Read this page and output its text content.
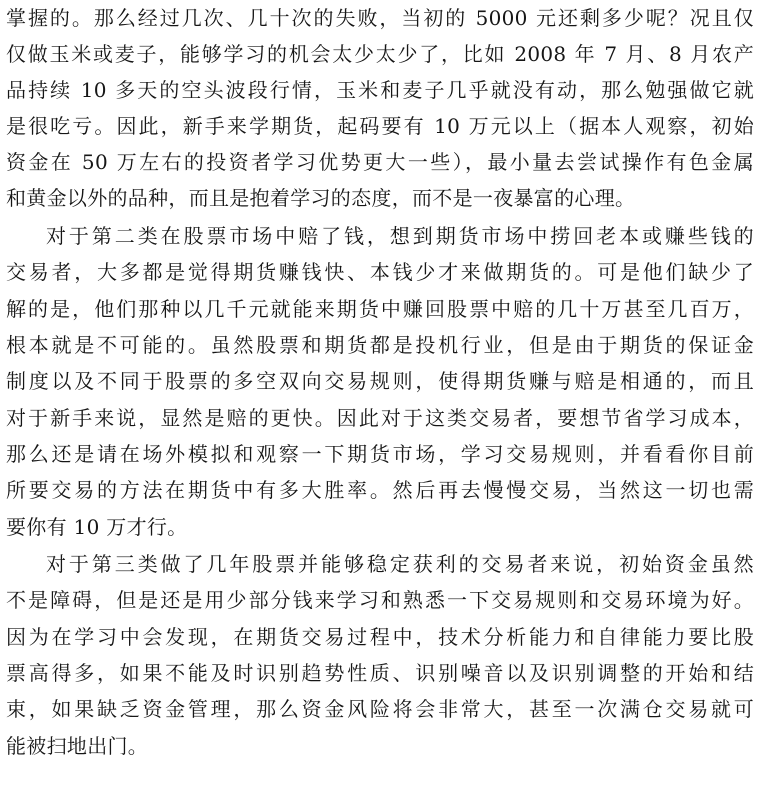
掌握的。那么经过几次、几十次的失败，当初的 5000 元还剩多少呢？况且仅
仅做玉米或麦子，能够学习的机会太少太少了，比如 2008 年 7 月、8 月农产
品持续 10 多天的空头波段行情，玉米和麦子几乎就没有动，那么勉强做它就
是很吃亏。因此，新手来学期货，起码要有 10 万元以上（据本人观察，初始
资金在 50 万左右的投资者学习优势更大一些），最小量去尝试操作有色金属
和黄金以外的品种，而且是抱着学习的态度，而不是一夜暴富的心理。
对于第二类在股票市场中赔了钱，想到期货市场中捞回老本或赚些钱的
交易者，大多都是觉得期货赚钱快、本钱少才来做期货的。可是他们缺少了
解的是，他们那种以几千元就能来期货中赚回股票中赔的几十万甚至几百万，
根本就是不可能的。虽然股票和期货都是投机行业，但是由于期货的保证金
制度以及不同于股票的多空双向交易规则，使得期货赚与赔是相通的，而且
对于新手来说，显然是赔的更快。因此对于这类交易者，要想节省学习成本，
那么还是请在场外模拟和观察一下期货市场，学习交易规则，并看看你目前
所要交易的方法在期货中有多大胜率。然后再去慢慢交易，当然这一切也需
要你有 10 万才行。
对于第三类做了几年股票并能够稳定获利的交易者来说，初始资金虽然
不是障碍，但是还是用少部分钱来学习和熟悉一下交易规则和交易环境为好。
因为在学习中会发现，在期货交易过程中，技术分析能力和自律能力要比股
票高得多，如果不能及时识别趋势性质、识别噪音以及识别调整的开始和结
束，如果缺乏资金管理，那么资金风险将会非常大，甚至一次满仓交易就可
能被扫地出门。
